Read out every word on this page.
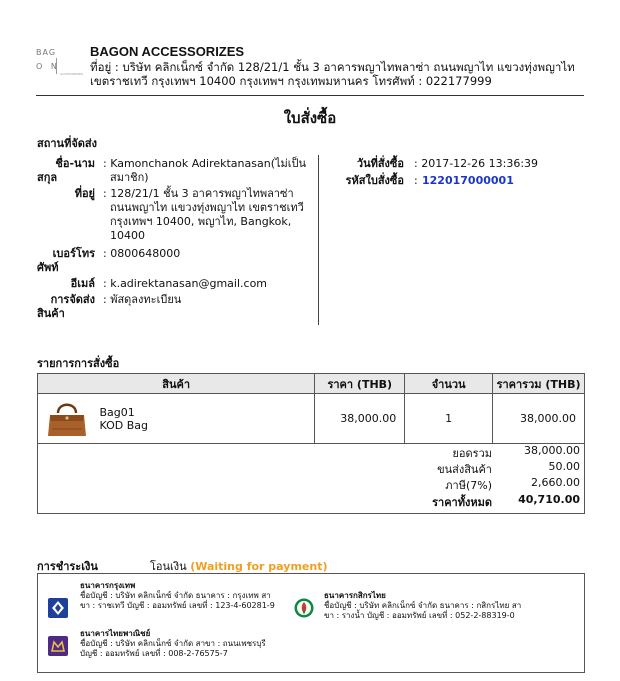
BAG
O N
ACCESSORIZES
BAGON ACCESSORIZES
ที่อยู่ : บริษัท คลิกเน็กซ์ จำกัด 128/21/1 ชั้น 3 อาคารพญาไทพลาซ่า ถนนพญาไท แขวงทุ่งพญาไท
เขตราชเทวี กรุงเทพฯ 10400 กรุงเทพฯ กรุงเทพมหานคร โทรศัพท์ : 022177999
ใบสั่งซื้อ
สถานที่จัดส่ง
ชื่อ-นาม
สกุล
: Kamonchanok Adirektanasan(ไม่เป็น
สมาชิก)
ที่อยู่ : 128/21/1 ชั้น 3 อาคารพญาไทพลาซ่า
ถนนพญาไท แขวงทุ่งพญาไท เขตราชเทวี
กรุงเทพฯ 10400, พญาไท, Bangkok,
10400
เบอร์โทร
ศัพท์
: 0800648000
อีเมล์ : k.adirektanasan@gmail.com
การจัดส่ง
สินค้า
: พัสดุลงทะเบียน
วันที่สั่งซื้อ : 2017-12-26 13:36:39
รหัสใบสั่งซื้อ : 122017000001
รายการการสั่งซื้อ
สินค้า	ราคา (THB)	จำนวน	ราคารวม (THB)
Bag01
KOD Bag	38,000.00	1	38,000.00
ยอดรวม	38,000.00
ขนส่งสินค้า	50.00
ภาษี(7%)	2,660.00
ราคาทั้งหมด 40,710.00
การชำระเงิน	โอนเงิน (Waiting for payment)
ธนาคารกรุงเทพ
ชื่อบัญชี : บริษัท คลิกเน็กซ์ จำกัด ธนาคาร : กรุงเทพ สา
ขา : ราชเทวี บัญชี : ออมทรัพย์ เลขที่ : 123-4-60281-9
ธนาคารไทยพาณิชย์
ชื่อบัญชี : บริษัท คลิกเน็กซ์ จำกัด สาขา : ถนนเพชรบุรี
บัญชี : ออมทรัพย์ เลขที่ : 008-2-76575-7
ธนาคารกสิกรไทย
ชื่อบัญชี : บริษัท คลิกเน็กซ์ จำกัด ธนาคาร : กสิกรไทย สา
ขา : รางน้ำ บัญชี : ออมทรัพย์ เลขที่ : 052-2-88319-0
